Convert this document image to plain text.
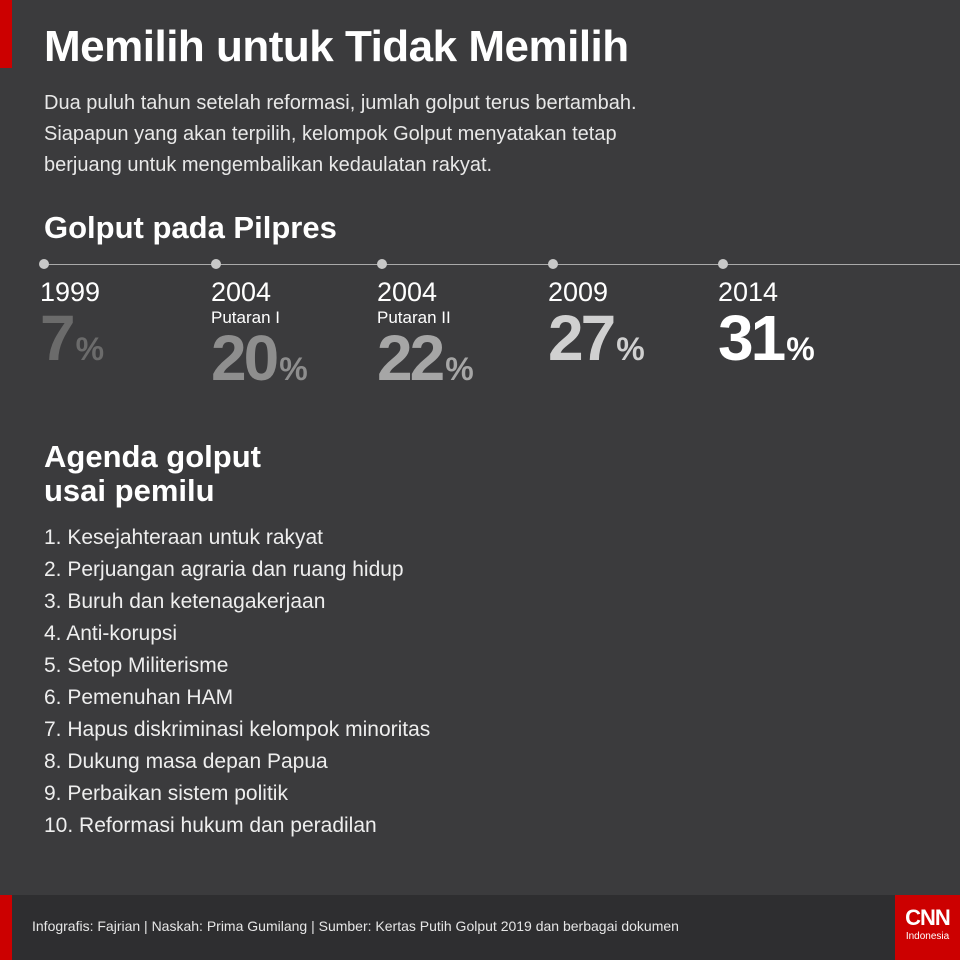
Memilih untuk Tidak Memilih
Dua puluh tahun setelah reformasi, jumlah golput terus bertambah.
Siapapun yang akan terpilih, kelompok Golput menyatakan tetap
berjuang untuk mengembalikan kedaulatan rakyat.
Golput pada Pilpres
1999
7%
2004
Putaran I
20%
2004
Putaran II
22%
2009
27%
2014
31%
Agenda golput
usai pemilu
1. Kesejahteraan untuk rakyat
2. Perjuangan agraria dan ruang hidup
3. Buruh dan ketenagakerjaan
4. Anti-korupsi
5. Setop Militerisme
6. Pemenuhan HAM
7. Hapus diskriminasi kelompok minoritas
8. Dukung masa depan Papua
9. Perbaikan sistem politik
10. Reformasi hukum dan peradilan
Infografis: Fajrian | Naskah: Prima Gumilang | Sumber: Kertas Putih Golput 2019 dan berbagai dokumen	CNN
Indonesia
